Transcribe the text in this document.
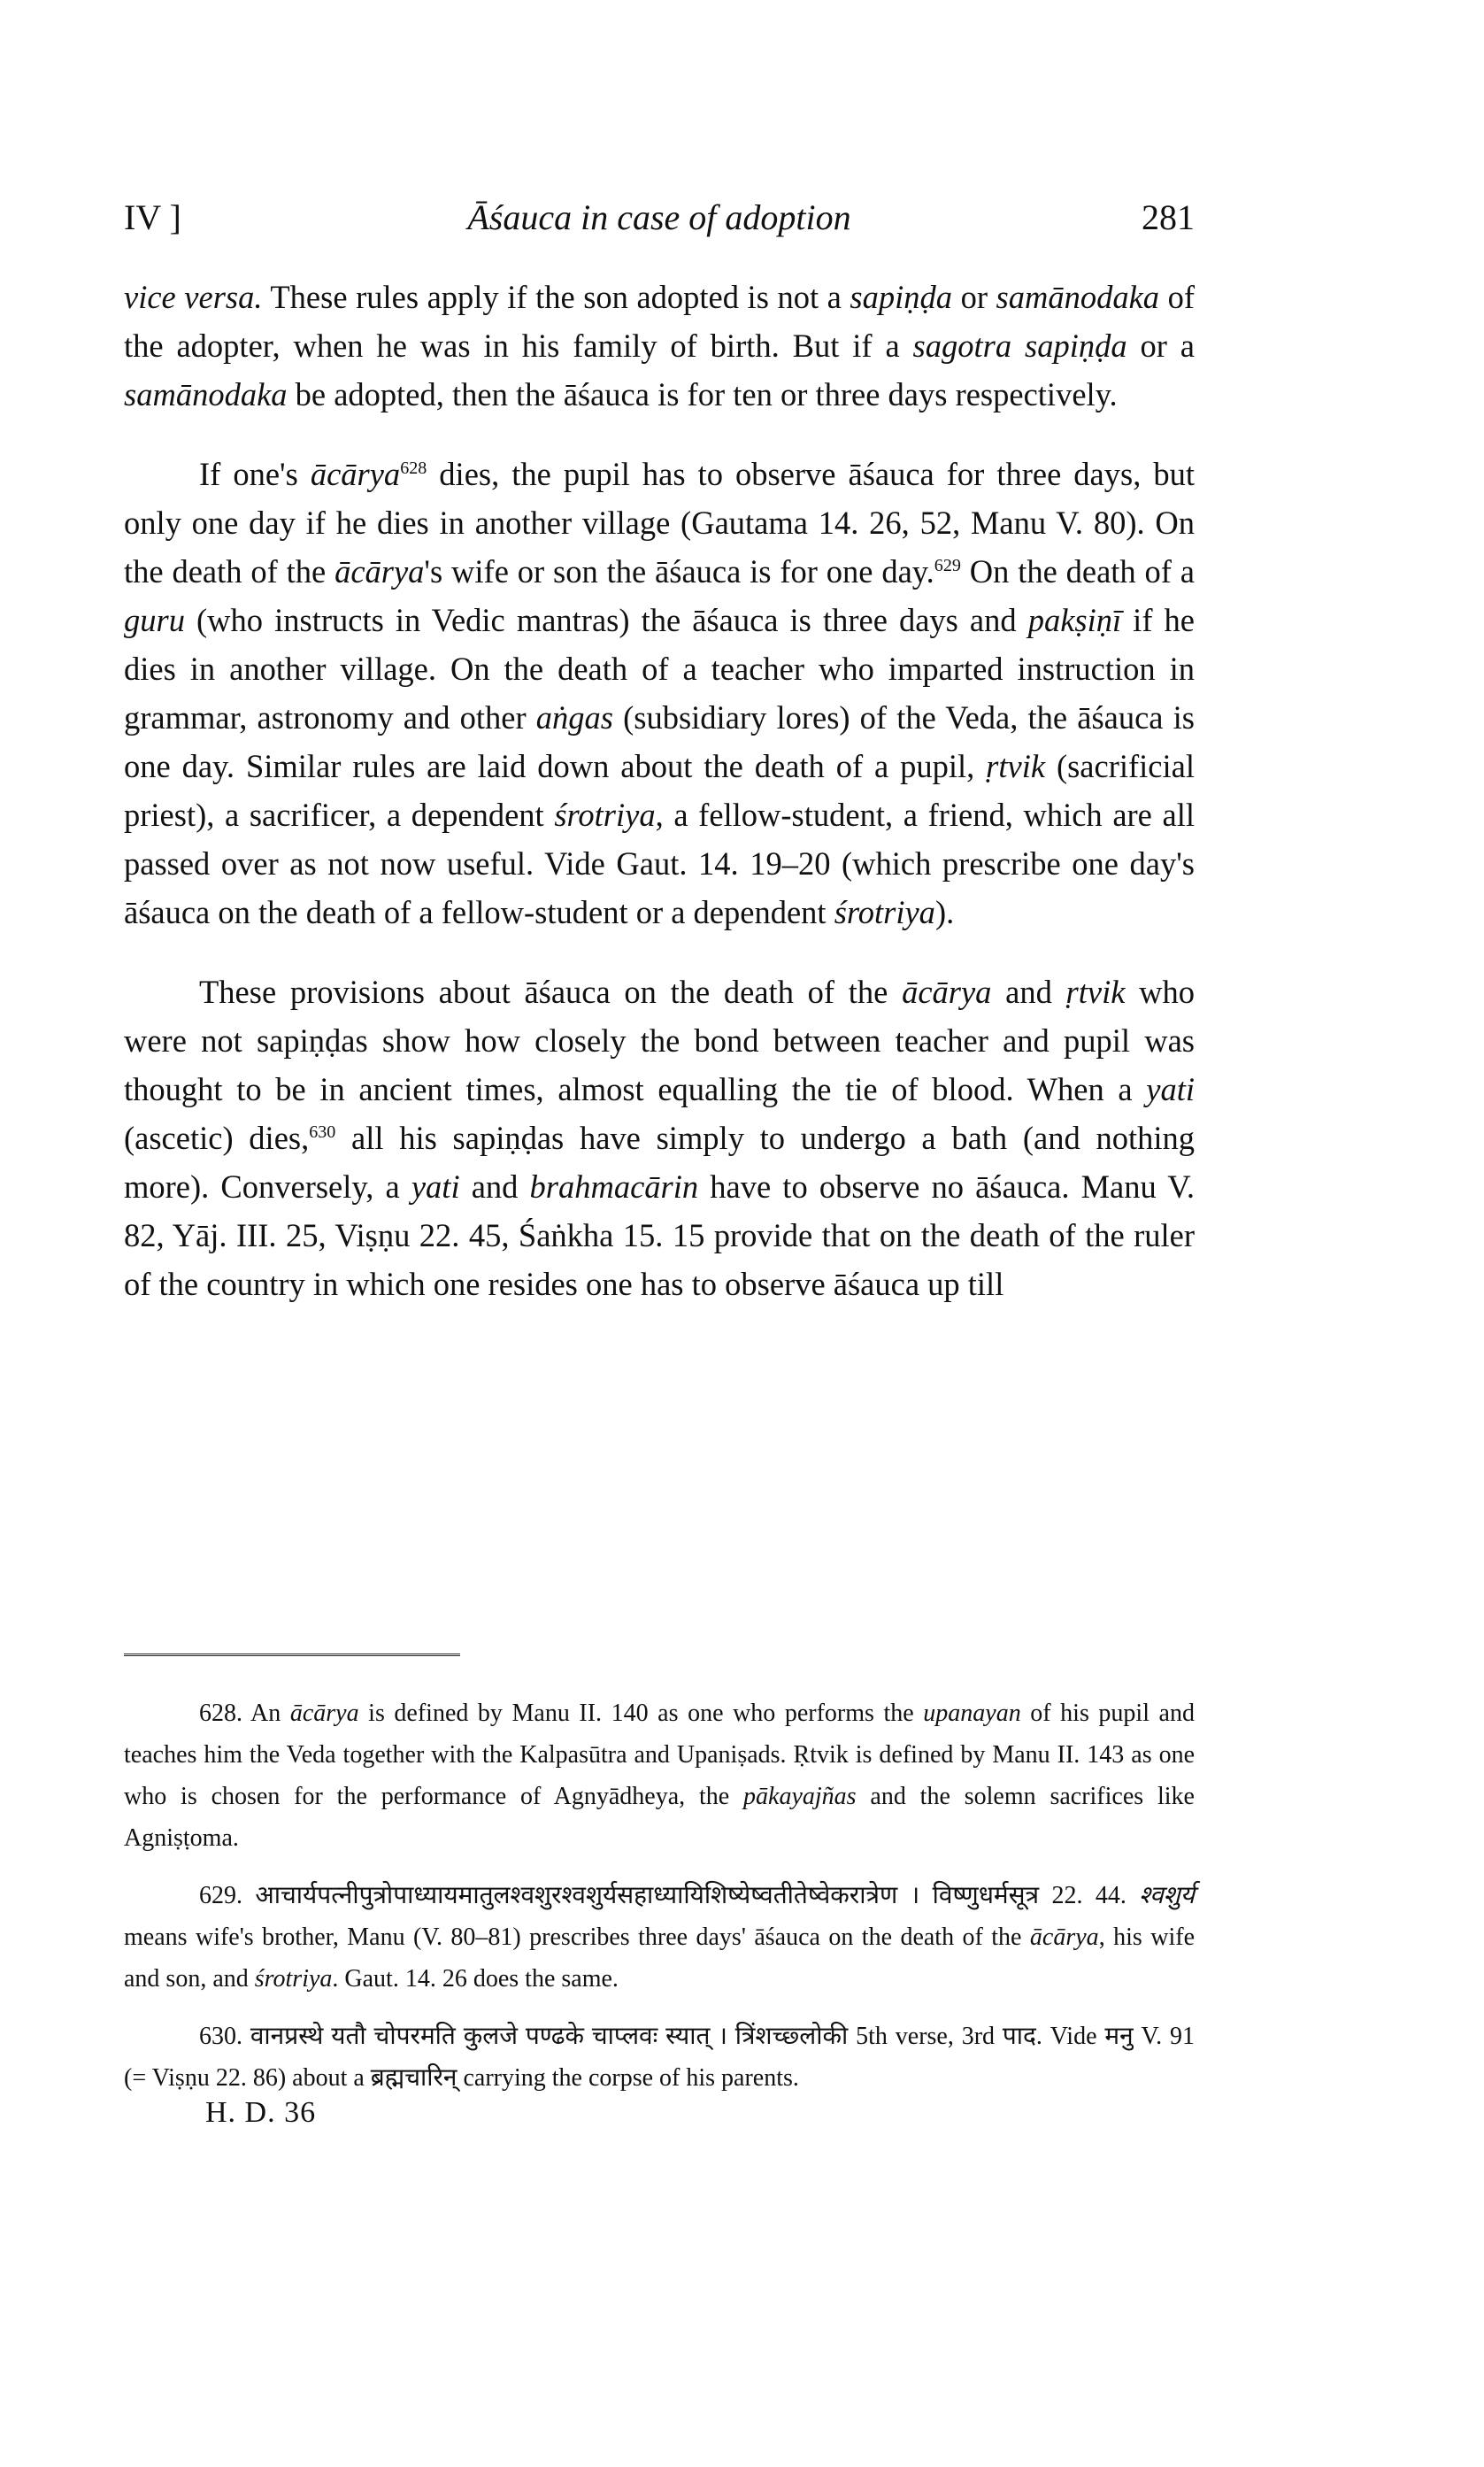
IV ]	Āśauca in case of adoption	281

vice versa. These rules apply if the son adopted is not a sapiṇḍa or samānodaka of the adopter, when he was in his family of birth. But if a sagotra sapiṇḍa or a samānodaka be adopted, then the āśauca is for ten or three days respectively.

If one's ācārya$^{628}$ dies, the pupil has to observe āśauca for three days, but only one day if he dies in another village (Gautama 14. 26, 52, Manu V. 80). On the death of the ācārya's wife or son the āśauca is for one day.$^{629}$ On the death of a guru (who instructs in Vedic mantras) the āśauca is three days and pakṣiṇī if he dies in another village. On the death of a teacher who imparted instruction in grammar, astronomy and other aṅgas (subsidiary lores) of the Veda, the āśauca is one day. Similar rules are laid down about the death of a pupil, ṛtvik (sacrificial priest), a sacrificer, a dependent śrotriya, a fellow-student, a friend, which are all passed over as not now useful. Vide Gaut. 14. 19–20 (which prescribe one day's āśauca on the death of a fellow-student or a dependent śrotriya).

These provisions about āśauca on the death of the ācārya and ṛtvik who were not sapiṇḍas show how closely the bond between teacher and pupil was thought to be in ancient times, almost equalling the tie of blood. When a yati (ascetic) dies,$^{630}$ all his sapiṇḍas have simply to undergo a bath (and nothing more). Conversely, a yati and brahmacārin have to observe no āśauca. Manu V. 82, Yāj. III. 25, Viṣṇu 22. 45, Śaṅkha 15. 15 provide that on the death of the ruler of the country in which one resides one has to observe āśauca up till

628. An ācārya is defined by Manu II. 140 as one who performs the upanayan of his pupil and teaches him the Veda together with the Kalpasūtra and Upaniṣads. Ṛtvik is defined by Manu II. 143 as one who is chosen for the performance of Agnyādheya, the pākayajñas and the solemn sacrifices like Agniṣṭoma.

629. आचार्यपत्नीपुत्रोपाध्यायमातुलश्वशुरश्वशुर्यसहाध्यायिशिष्येष्वतीतेष्वेकरात्रेण । विष्णुधर्मसूत्र 22. 44. श्वशुर्य means wife's brother, Manu (V. 80–81) prescribes three days' āśauca on the death of the ācārya, his wife and son, and śrotriya. Gaut. 14. 26 does the same.

630. वानप्रस्थे यतौ चोपरमति कुलजे पण्ढके चाप्लवः स्यात् । त्रिंशच्छ्लोकी 5th verse, 3rd पाद. Vide मनु V. 91 (= Viṣṇu 22. 86) about a ब्रह्मचारिन् carrying the corpse of his parents.

H. D. 36
